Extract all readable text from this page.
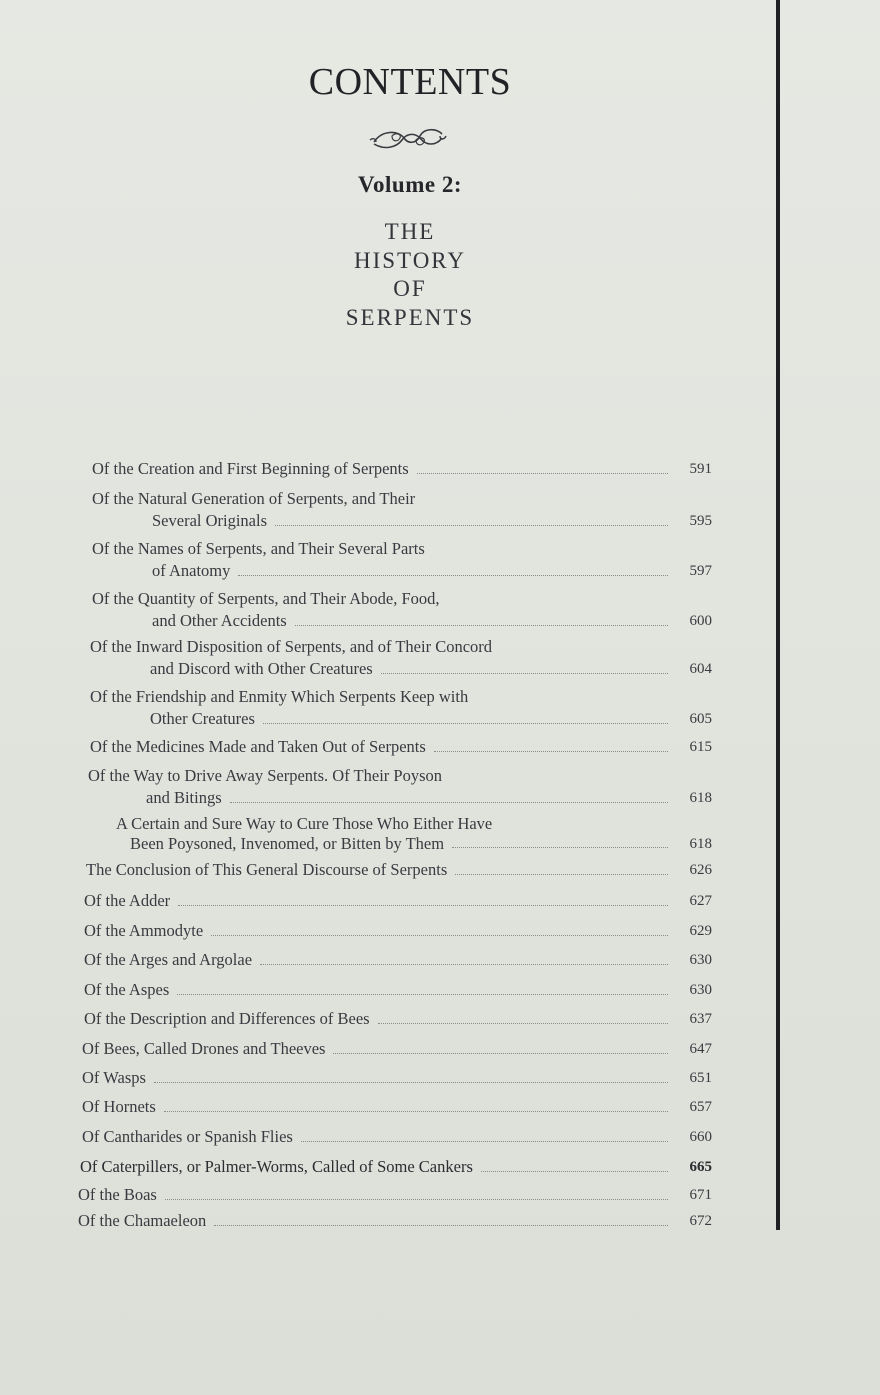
CONTENTS
Volume 2:
THE
HISTORY
OF
SERPENTS
Of the Creation and First Beginning of Serpents	591
Of the Natural Generation of Serpents, and Their
Several Originals	595
Of the Names of Serpents, and Their Several Parts
of Anatomy	597
Of the Quantity of Serpents, and Their Abode, Food,
and Other Accidents	600
Of the Inward Disposition of Serpents, and of Their Concord
and Discord with Other Creatures	604
Of the Friendship and Enmity Which Serpents Keep with
Other Creatures	605
Of the Medicines Made and Taken Out of Serpents	615
Of the Way to Drive Away Serpents. Of Their Poyson
and Bitings	618
A Certain and Sure Way to Cure Those Who Either Have
Been Poysoned, Invenomed, or Bitten by Them	618
The Conclusion of This General Discourse of Serpents	626
Of the Adder	627
Of the Ammodyte	629
Of the Arges and Argolae	630
Of the Aspes	630
Of the Description and Differences of Bees	637
Of Bees, Called Drones and Theeves	647
Of Wasps	651
Of Hornets	657
Of Cantharides or Spanish Flies	660
Of Caterpillers, or Palmer-Worms, Called of Some Cankers	665
Of the Boas	671
Of the Chamaeleon	672
